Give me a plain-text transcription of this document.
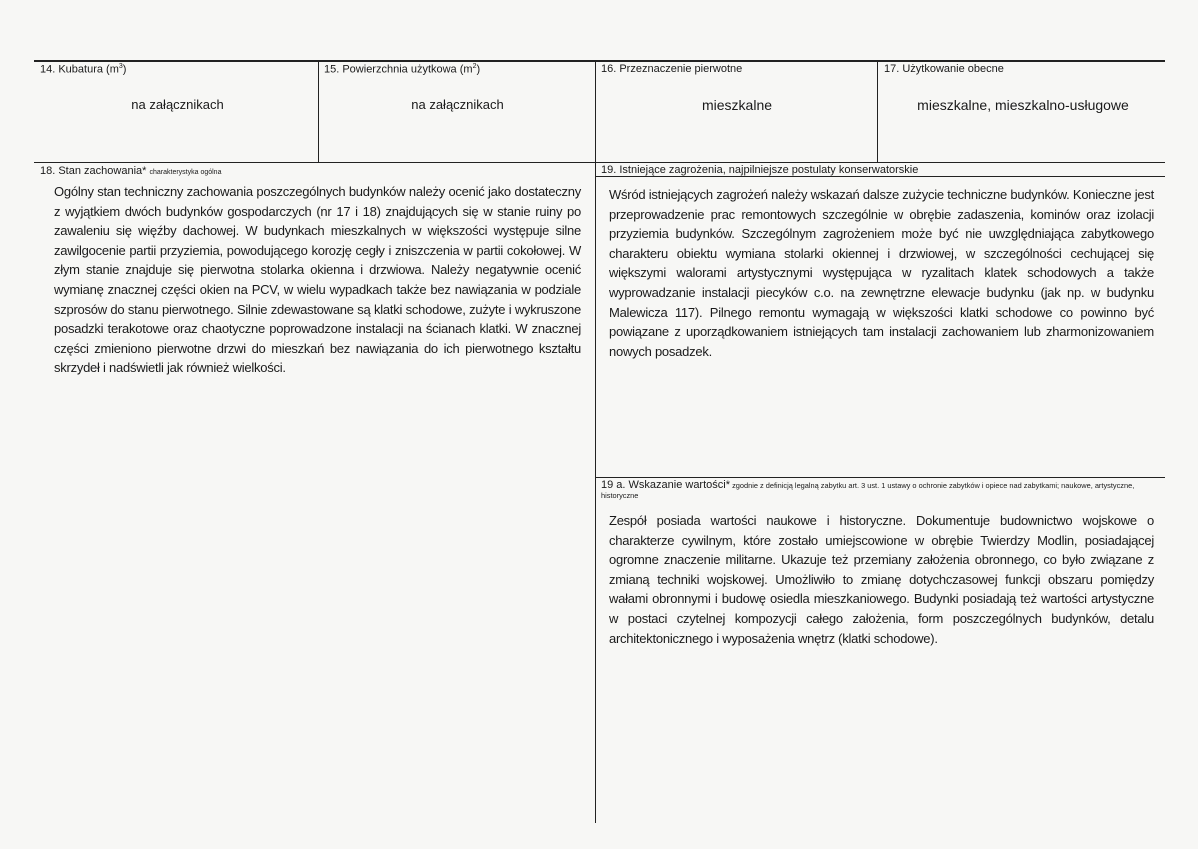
14. Kubatura $(m^3)$
na załącznikach
15. Powierzchnia użytkowa $(m^2)$
na załącznikach
16. Przeznaczenie pierwotne
mieszkalne
17. Użytkowanie obecne
mieszkalne, mieszkalno-usługowe
18. Stan zachowania* charakterystyka ogólna
Ogólny stan techniczny zachowania poszczególnych budynków należy ocenić jako dostateczny z wyjątkiem dwóch budynków gospodarczych (nr 17 i 18) znajdujących się w stanie ruiny po zawaleniu się więźby dachowej. W budynkach mieszkalnych w większości występuje silne zawilgocenie partii przyziemia, powodującego korozję cegły i zniszczenia w partii cokołowej. W złym stanie znajduje się pierwotna stolarka okienna i drzwiowa. Należy negatywnie ocenić wymianę znacznej części okien na PCV, w wielu wypadkach także bez nawiązania w podziale szprosów do stanu pierwotnego. Silnie zdewastowane są klatki schodowe, zużyte i wykruszone posadzki terakotowe oraz chaotyczne poprowadzone instalacji na ścianach klatki. W znacznej części zmieniono pierwotne drzwi do mieszkań bez nawiązania do ich pierwotnego kształtu skrzydeł i nadświetli jak również wielkości.
19. Istniejące zagrożenia, najpilniejsze postulaty konserwatorskie
Wśród istniejących zagrożeń należy wskazań dalsze zużycie techniczne budynków. Konieczne jest przeprowadzenie prac remontowych szczególnie w obrębie zadaszenia, kominów oraz izolacji przyziemia budynków. Szczególnym zagrożeniem może być nie uwzględniająca zabytkowego charakteru obiektu wymiana stolarki okiennej i drzwiowej, w szczególności cechującej się większymi walorami artystycznymi występująca w ryzalitach klatek schodowych a także wyprowadzanie instalacji piecyków c.o. na zewnętrzne elewacje budynku (jak np. w budynku Malewicza 117). Pilnego remontu wymagają w większości klatki schodowe co powinno być powiązane z uporządkowaniem istniejących tam instalacji zachowaniem lub zharmonizowaniem nowych posadzek.
19 a. Wskazanie wartości* zgodnie z definicją legalną zabytku art. 3 ust. 1 ustawy o ochronie zabytków i opiece nad zabytkami; naukowe, artystyczne, historyczne
Zespół posiada wartości naukowe i historyczne. Dokumentuje budownictwo wojskowe o charakterze cywilnym, które zostało umiejscowione w obrębie Twierdzy Modlin, posiadającej ogromne znaczenie militarne. Ukazuje też przemiany założenia obronnego, co było związane z zmianą techniki wojskowej. Umożliwiło to zmianę dotychczasowej funkcji obszaru pomiędzy wałami obronnymi i budowę osiedla mieszkaniowego. Budynki posiadają też wartości artystyczne w postaci czytelnej kompozycji całego założenia, form poszczególnych budynków, detalu architektonicznego i wyposażenia wnętrz (klatki schodowe).
